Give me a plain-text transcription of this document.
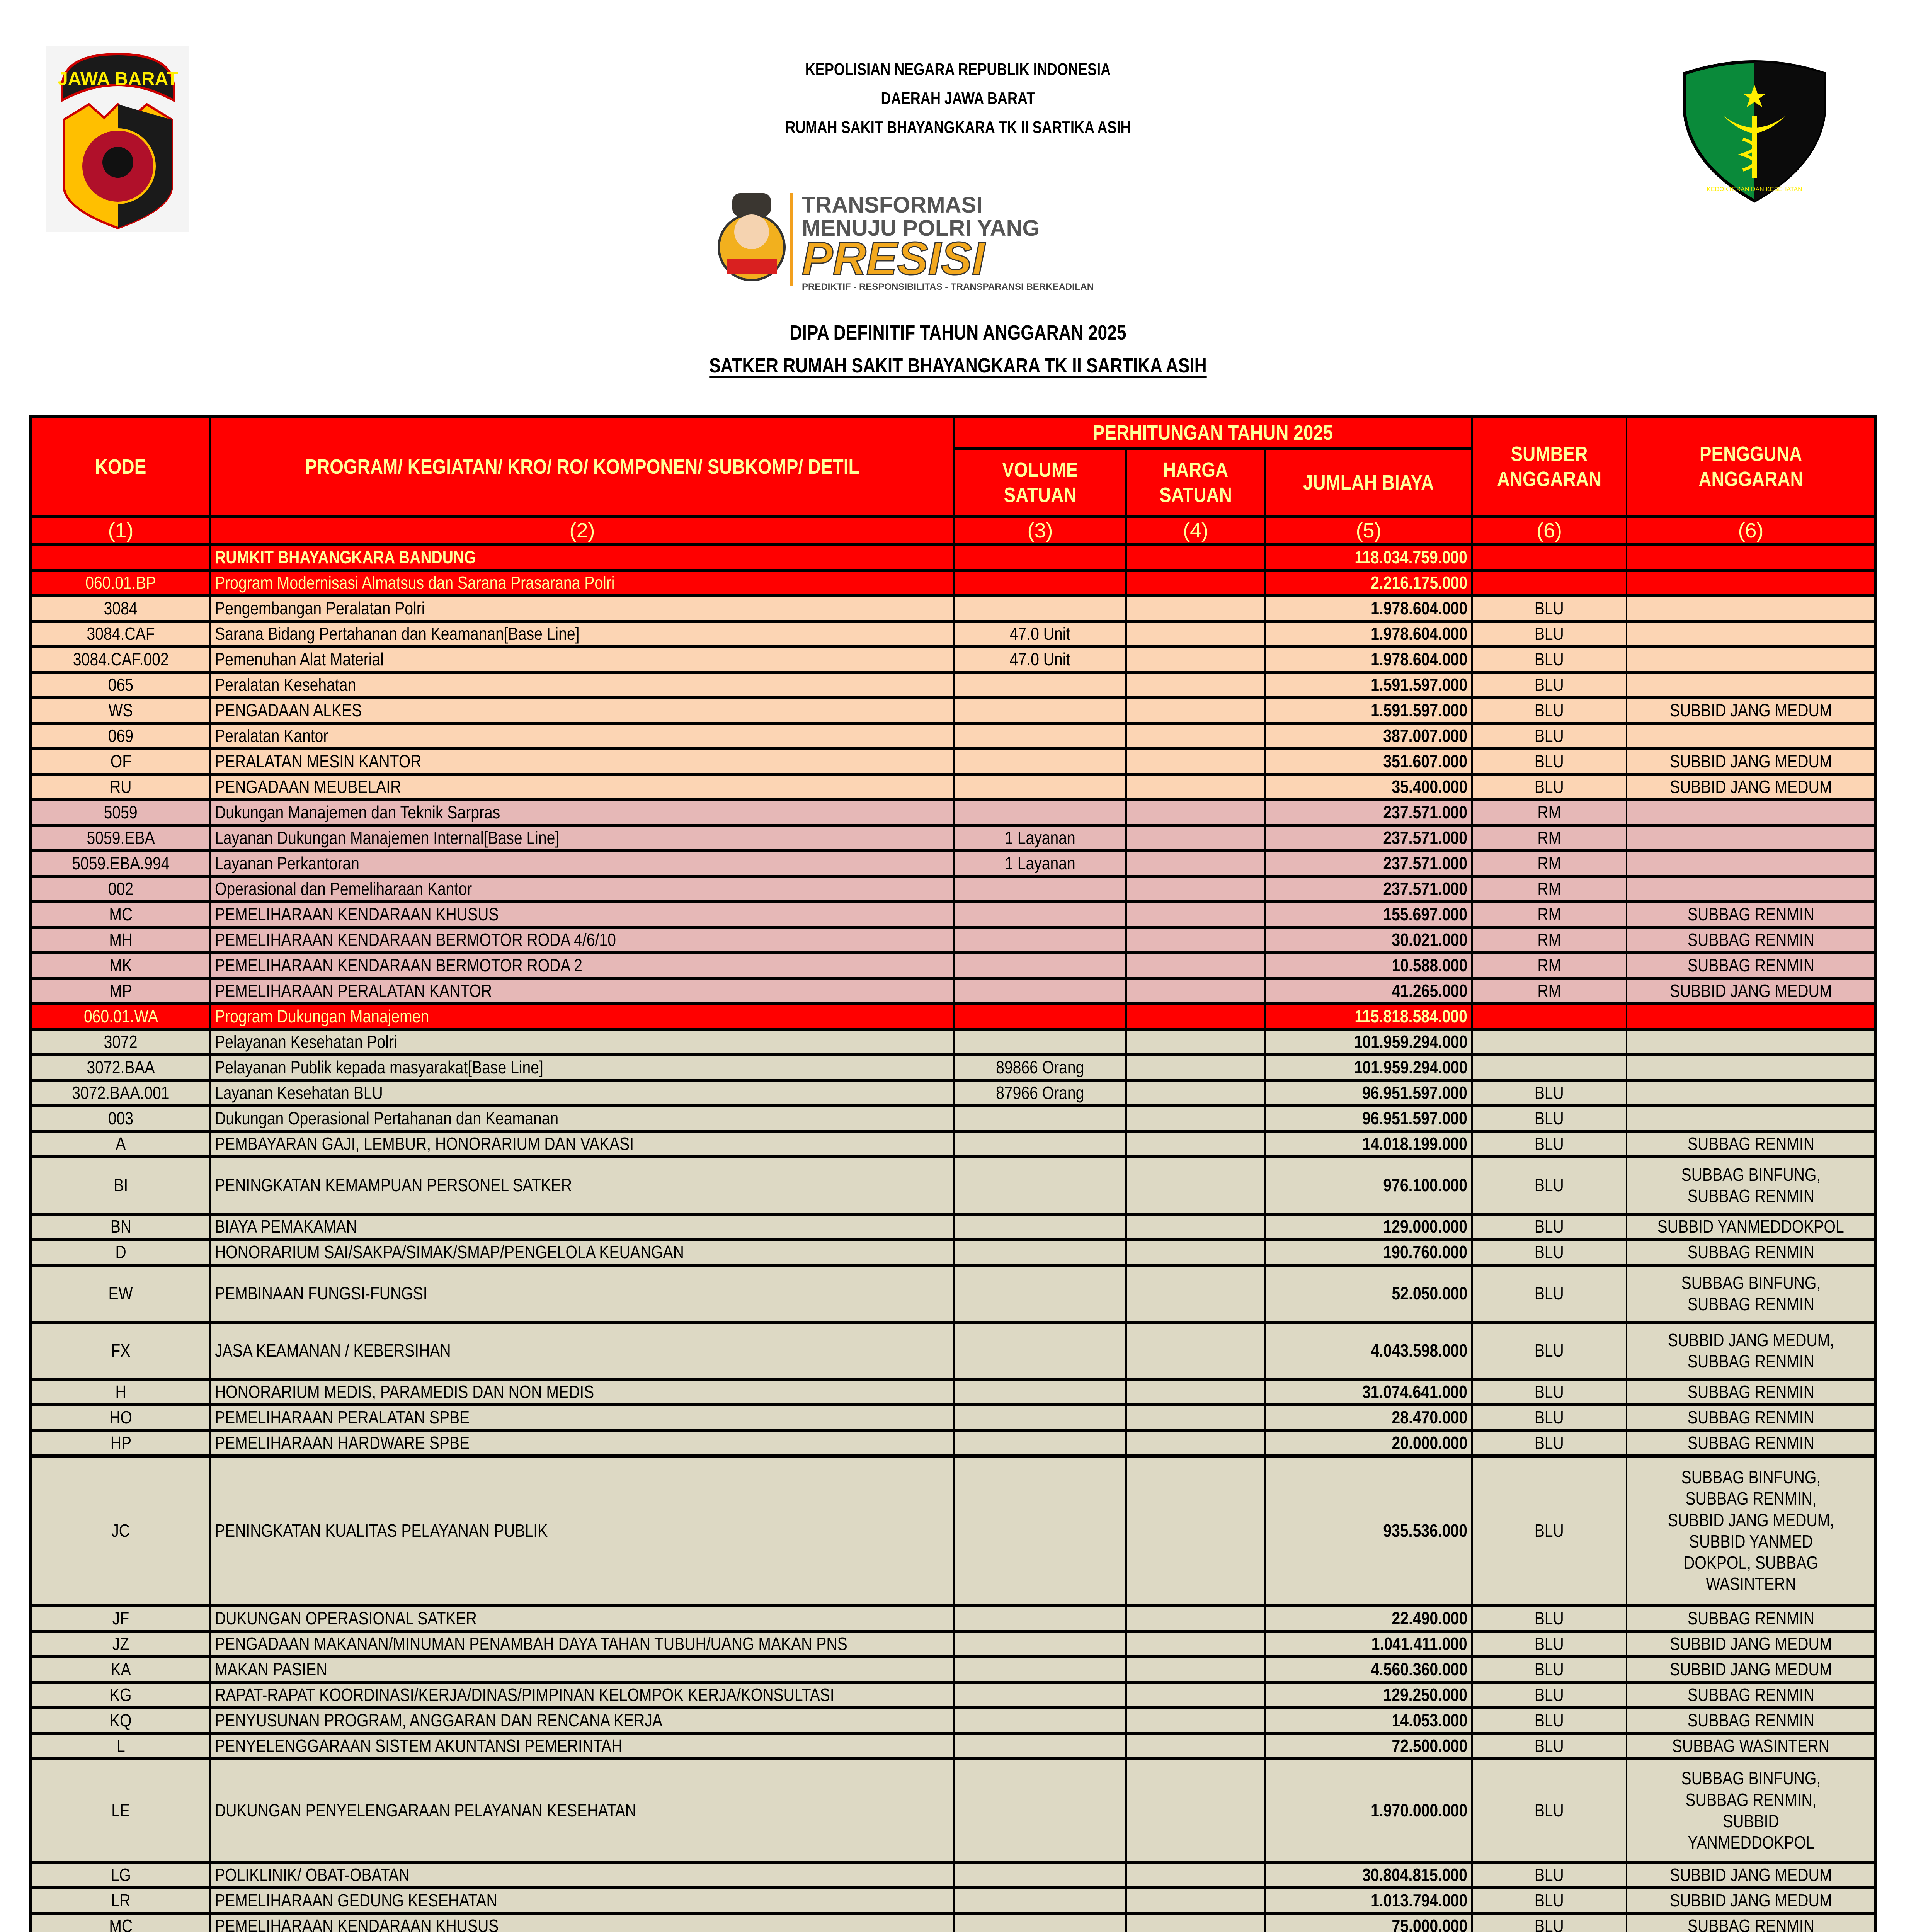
JAWA BARAT	KEPOLISIAN NEGARA REPUBLIK INDONESIA
DAERAH JAWA BARAT
RUMAH SAKIT BHAYANGKARA TK II SARTIKA ASIH
TRANSFORMASI
MENUJU POLRI YANG
PRESISI
PREDIKTIF - RESPONSIBILITAS - TRANSPARANSI BERKEADILAN
KEDOKTERAN DAN KESEHATAN
DIPA DEFINITIF TAHUN ANGGARAN 2025
SATKER RUMAH SAKIT BHAYANGKARA TK II SARTIKA ASIH
KODE	PROGRAM/ KEGIATAN/ KRO/ RO/ KOMPONEN/ SUBKOMP/ DETIL	PERHITUNGAN TAHUN 2025			SUMBER ANGGARAN	PENGGUNA ANGGARAN
		VOLUME SATUAN	HARGA SATUAN	JUMLAH BIAYA		
(1)	(2)	(3)	(4)	(5)	(6)	(6)
	RUMKIT BHAYANGKARA BANDUNG			118.034.759.000		
060.01.BP	Program Modernisasi Almatsus dan Sarana Prasarana Polri			2.216.175.000		
3084	Pengembangan Peralatan Polri			1.978.604.000	BLU	
3084.CAF	Sarana Bidang Pertahanan dan Keamanan[Base Line]	47.0 Unit		1.978.604.000	BLU	
3084.CAF.002	Pemenuhan Alat Material	47.0 Unit		1.978.604.000	BLU	
065	Peralatan Kesehatan			1.591.597.000	BLU	
WS	PENGADAAN ALKES			1.591.597.000	BLU	SUBBID JANG MEDUM
069	Peralatan Kantor			387.007.000	BLU	
OF	PERALATAN MESIN KANTOR			351.607.000	BLU	SUBBID JANG MEDUM
RU	PENGADAAN MEUBELAIR			35.400.000	BLU	SUBBID JANG MEDUM
5059	Dukungan Manajemen dan Teknik Sarpras			237.571.000	RM	
5059.EBA	Layanan Dukungan Manajemen Internal[Base Line]	1 Layanan		237.571.000	RM	
5059.EBA.994	Layanan Perkantoran	1 Layanan		237.571.000	RM	
002	Operasional dan Pemeliharaan Kantor			237.571.000	RM	
MC	PEMELIHARAAN KENDARAAN KHUSUS			155.697.000	RM	SUBBAG RENMIN
MH	PEMELIHARAAN KENDARAAN BERMOTOR RODA 4/6/10			30.021.000	RM	SUBBAG RENMIN
MK	PEMELIHARAAN KENDARAAN BERMOTOR RODA 2			10.588.000	RM	SUBBAG RENMIN
MP	PEMELIHARAAN PERALATAN KANTOR			41.265.000	RM	SUBBID JANG MEDUM
060.01.WA	Program Dukungan Manajemen			115.818.584.000		
3072	Pelayanan Kesehatan Polri			101.959.294.000		
3072.BAA	Pelayanan Publik kepada masyarakat[Base Line]	89866 Orang		101.959.294.000		
3072.BAA.001	Layanan Kesehatan BLU	87966 Orang		96.951.597.000	BLU	
003	Dukungan Operasional Pertahanan dan Keamanan			96.951.597.000	BLU	
A	PEMBAYARAN GAJI, LEMBUR, HONORARIUM DAN VAKASI			14.018.199.000	BLU	SUBBAG RENMIN
BI	PENINGKATAN KEMAMPUAN PERSONEL SATKER			976.100.000	BLU	SUBBAG BINFUNG, SUBBAG RENMIN
BN	BIAYA PEMAKAMAN			129.000.000	BLU	SUBBID YANMEDDOKPOL
D	HONORARIUM SAI/SAKPA/SIMAK/SMAP/PENGELOLA KEUANGAN			190.760.000	BLU	SUBBAG RENMIN
EW	PEMBINAAN FUNGSI-FUNGSI			52.050.000	BLU	SUBBAG BINFUNG, SUBBAG RENMIN
FX	JASA KEAMANAN / KEBERSIHAN			4.043.598.000	BLU	SUBBID JANG MEDUM, SUBBAG RENMIN
H	HONORARIUM MEDIS, PARAMEDIS DAN NON MEDIS			31.074.641.000	BLU	SUBBAG RENMIN
HO	PEMELIHARAAN PERALATAN SPBE			28.470.000	BLU	SUBBAG RENMIN
HP	PEMELIHARAAN HARDWARE SPBE			20.000.000	BLU	SUBBAG RENMIN
JC	PENINGKATAN KUALITAS PELAYANAN PUBLIK			935.536.000	BLU	SUBBAG BINFUNG, SUBBAG RENMIN, SUBBID JANG MEDUM, SUBBID YANMED DOKPOL, SUBBAG WASINTERN
JF	DUKUNGAN OPERASIONAL SATKER			22.490.000	BLU	SUBBAG RENMIN
JZ	PENGADAAN MAKANAN/MINUMAN PENAMBAH DAYA TAHAN TUBUH/UANG MAKAN PNS			1.041.411.000	BLU	SUBBID JANG MEDUM
KA	MAKAN PASIEN			4.560.360.000	BLU	SUBBID JANG MEDUM
KG	RAPAT-RAPAT KOORDINASI/KERJA/DINAS/PIMPINAN KELOMPOK KERJA/KONSULTASI			129.250.000	BLU	SUBBAG RENMIN
KQ	PENYUSUNAN PROGRAM, ANGGARAN DAN RENCANA KERJA			14.053.000	BLU	SUBBAG RENMIN
L	PENYELENGGARAAN SISTEM AKUNTANSI PEMERINTAH			72.500.000	BLU	SUBBAG WASINTERN
LE	DUKUNGAN PENYELENGARAAN PELAYANAN KESEHATAN			1.970.000.000	BLU	SUBBAG BINFUNG, SUBBAG RENMIN, SUBBID YANMEDDOKPOL
LG	POLIKLINIK/ OBAT-OBATAN			30.804.815.000	BLU	SUBBID JANG MEDUM
LR	PEMELIHARAAN GEDUNG KESEHATAN			1.013.794.000	BLU	SUBBID JANG MEDUM
MC	PEMELIHARAAN KENDARAAN KHUSUS			75.000.000	BLU	SUBBAG RENMIN
